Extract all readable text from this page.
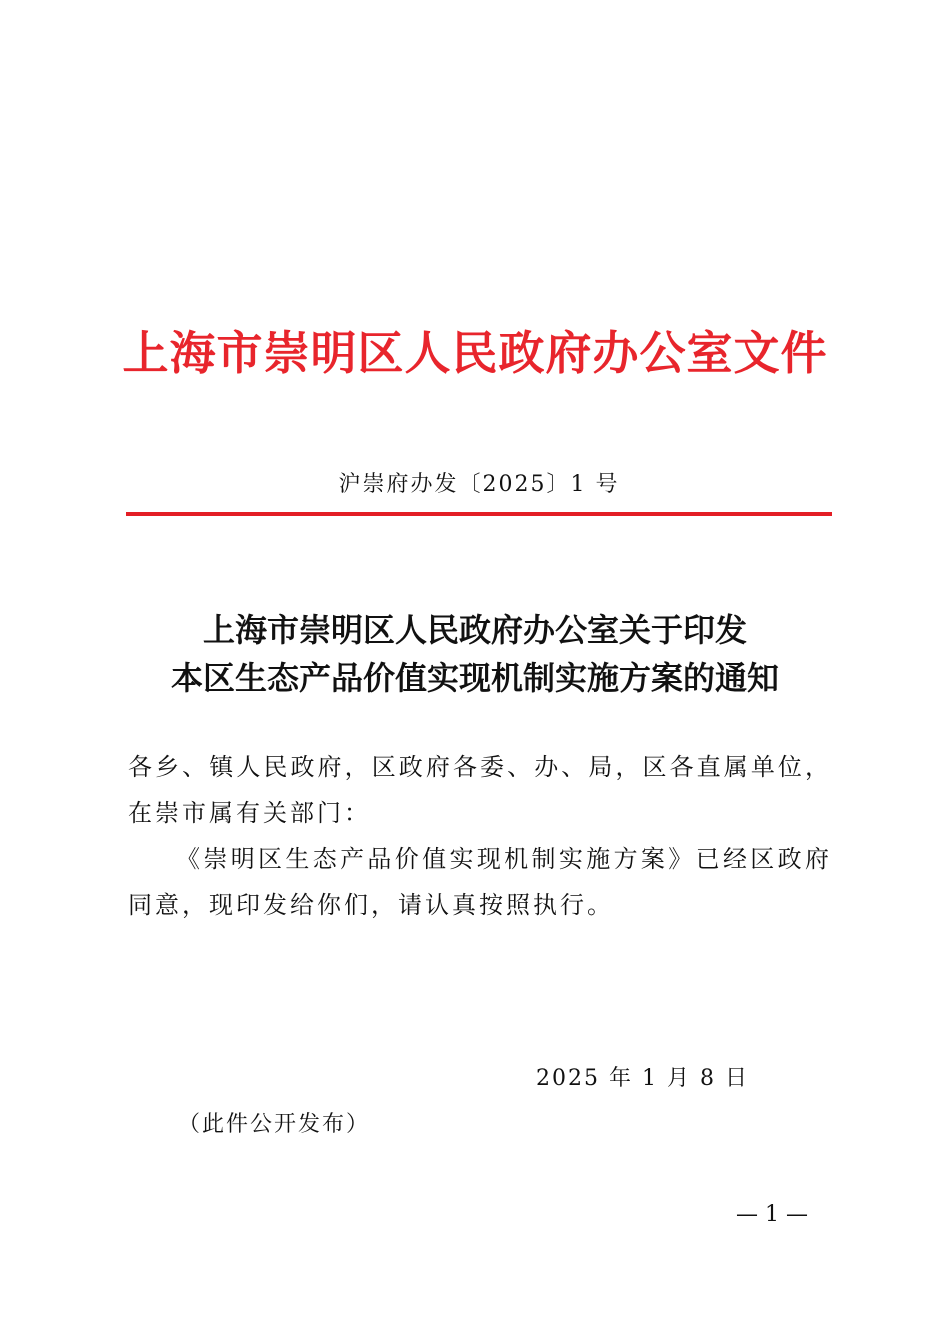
上海市崇明区人民政府办公室文件
沪崇府办发〔2025〕1 号
上海市崇明区人民政府办公室关于印发
本区生态产品价值实现机制实施方案的通知

各乡、镇人民政府，区政府各委、办、局，区各直属单位，在崇市属有关部门：

《崇明区生态产品价值实现机制实施方案》已经区政府同意，现印发给你们，请认真按照执行。

2025 年 1 月 8 日
（此件公开发布）
— 1 —
